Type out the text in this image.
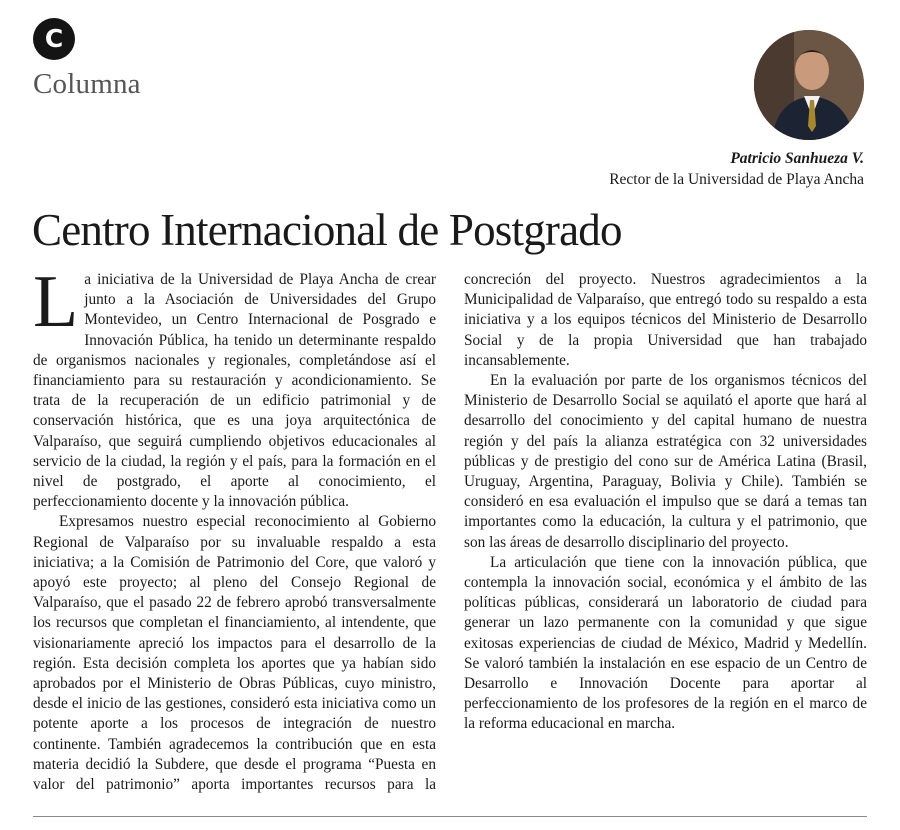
C
Columna
Patricio Sanhueza V.
Rector de la Universidad de Playa Ancha
Centro Internacional de Postgrado

La iniciativa de la Universidad de Playa Ancha de crear junto a la Asociación de Universidades del Grupo Montevideo, un Centro Internacional de Posgrado e Innovación Pública, ha tenido un determinante respaldo de organismos nacionales y regionales, completándose así el financiamiento para su restauración y acondicionamiento. Se trata de la recuperación de un edificio patrimonial y de conservación histórica, que es una joya arquitectónica de Valparaíso, que seguirá cumpliendo objetivos educacionales al servicio de la ciudad, la región y el país, para la formación en el nivel de postgrado, el aporte al conocimiento, el perfeccionamiento docente y la innovación pública.

Expresamos nuestro especial reconocimiento al Gobierno Regional de Valparaíso por su invaluable respaldo a esta iniciativa; a la Comisión de Patrimonio del Core, que valoró y apoyó este proyecto; al pleno del Consejo Regional de Valparaíso, que el pasado 22 de febrero aprobó transversalmente los recursos que completan el financiamiento, al intendente, que visionariamente apreció los impactos para el desarrollo de la región. Esta decisión completa los aportes que ya habían sido aprobados por el Ministerio de Obras Públicas, cuyo ministro, desde el inicio de las gestiones, consideró esta iniciativa como un potente aporte a los procesos de integración de nuestro continente. También agradecemos la contribución que en esta materia decidió la Subdere, que desde el programa “Puesta en valor del patrimonio” aporta importantes recursos para la concreción del proyecto. Nuestros agradecimientos a la Municipalidad de Valparaíso, que entregó todo su respaldo a esta iniciativa y a los equipos técnicos del Ministerio de Desarrollo Social y de la propia Universidad que han trabajado incansablemente.

En la evaluación por parte de los organismos técnicos del Ministerio de Desarrollo Social se aquilató el aporte que hará al desarrollo del conocimiento y del capital humano de nuestra región y del país la alianza estratégica con 32 universidades públicas y de prestigio del cono sur de América Latina (Brasil, Uruguay, Argentina, Paraguay, Bolivia y Chile). También se consideró en esa evaluación el impulso que se dará a temas tan importantes como la educación, la cultura y el patrimonio, que son las áreas de desarrollo disciplinario del proyecto.

La articulación que tiene con la innovación pública, que contempla la innovación social, económica y el ámbito de las políticas públicas, considerará un laboratorio de ciudad para generar un lazo permanente con la comunidad y que sigue exitosas experiencias de ciudad de México, Madrid y Medellín. Se valoró también la instalación en ese espacio de un Centro de Desarrollo e Innovación Docente para aportar al perfeccionamiento de los profesores de la región en el marco de la reforma educacional en marcha.
